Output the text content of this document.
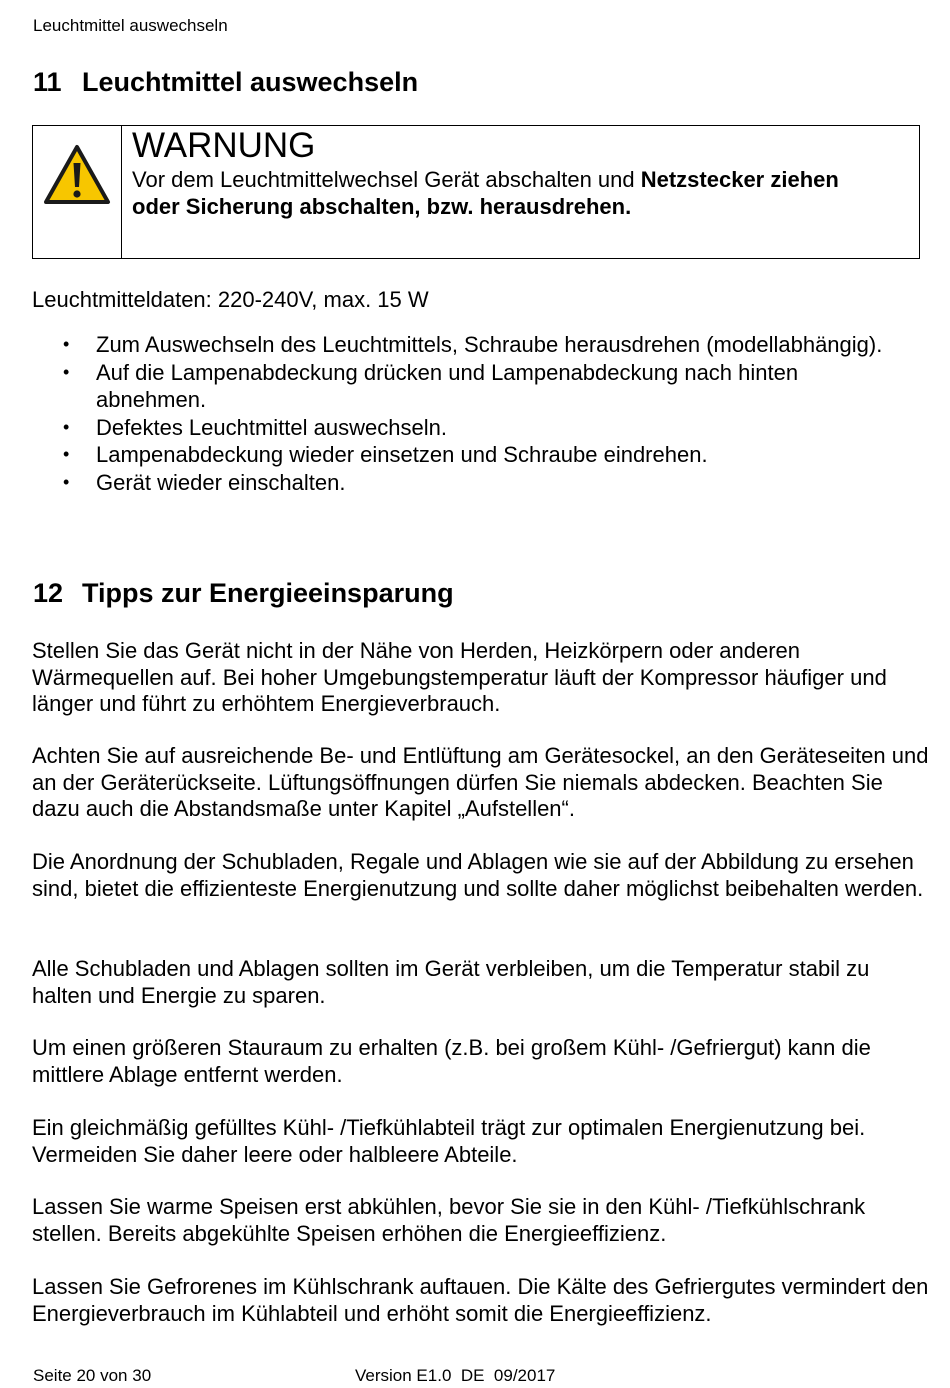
Leuchtmittel auswechseln
11 Leuchtmittel auswechseln
WARNUNG
Vor dem Leuchtmittelwechsel Gerät abschalten und Netzstecker ziehen oder Sicherung abschalten, bzw. herausdrehen.

Leuchtmitteldaten: 220-240V, max. 15 W

• Zum Auswechseln des Leuchtmittels, Schraube herausdrehen (modellabhängig).
• Auf die Lampenabdeckung drücken und Lampenabdeckung nach hinten abnehmen.
• Defektes Leuchtmittel auswechseln.
• Lampenabdeckung wieder einsetzen und Schraube eindrehen.
• Gerät wieder einschalten.
12 Tipps zur Energieeinsparung

Stellen Sie das Gerät nicht in der Nähe von Herden, Heizkörpern oder anderen Wärmequellen auf. Bei hoher Umgebungstemperatur läuft der Kompressor häufiger und länger und führt zu erhöhtem Energieverbrauch.

Achten Sie auf ausreichende Be- und Entlüftung am Gerätesockel, an den Geräteseiten und an der Geräterückseite. Lüftungsöffnungen dürfen Sie niemals abdecken. Beachten Sie dazu auch die Abstandsmaße unter Kapitel „Aufstellen“.

Die Anordnung der Schubladen, Regale und Ablagen wie sie auf der Abbildung zu ersehen sind, bietet die effizienteste Energienutzung und sollte daher möglichst beibehalten werden.

Alle Schubladen und Ablagen sollten im Gerät verbleiben, um die Temperatur stabil zu halten und Energie zu sparen.

Um einen größeren Stauraum zu erhalten (z.B. bei großem Kühl- /Gefriergut) kann die mittlere Ablage entfernt werden.

Ein gleichmäßig gefülltes Kühl- /Tiefkühlabteil trägt zur optimalen Energienutzung bei. Vermeiden Sie daher leere oder halbleere Abteile.

Lassen Sie warme Speisen erst abkühlen, bevor Sie sie in den Kühl- /Tiefkühlschrank stellen. Bereits abgekühlte Speisen erhöhen die Energieeffizienz.

Lassen Sie Gefrorenes im Kühlschrank auftauen. Die Kälte des Gefriergutes vermindert den Energieverbrauch im Kühlabteil und erhöht somit die Energieeffizienz.

Seite 20 von 30	Version E1.0  DE  09/2017
